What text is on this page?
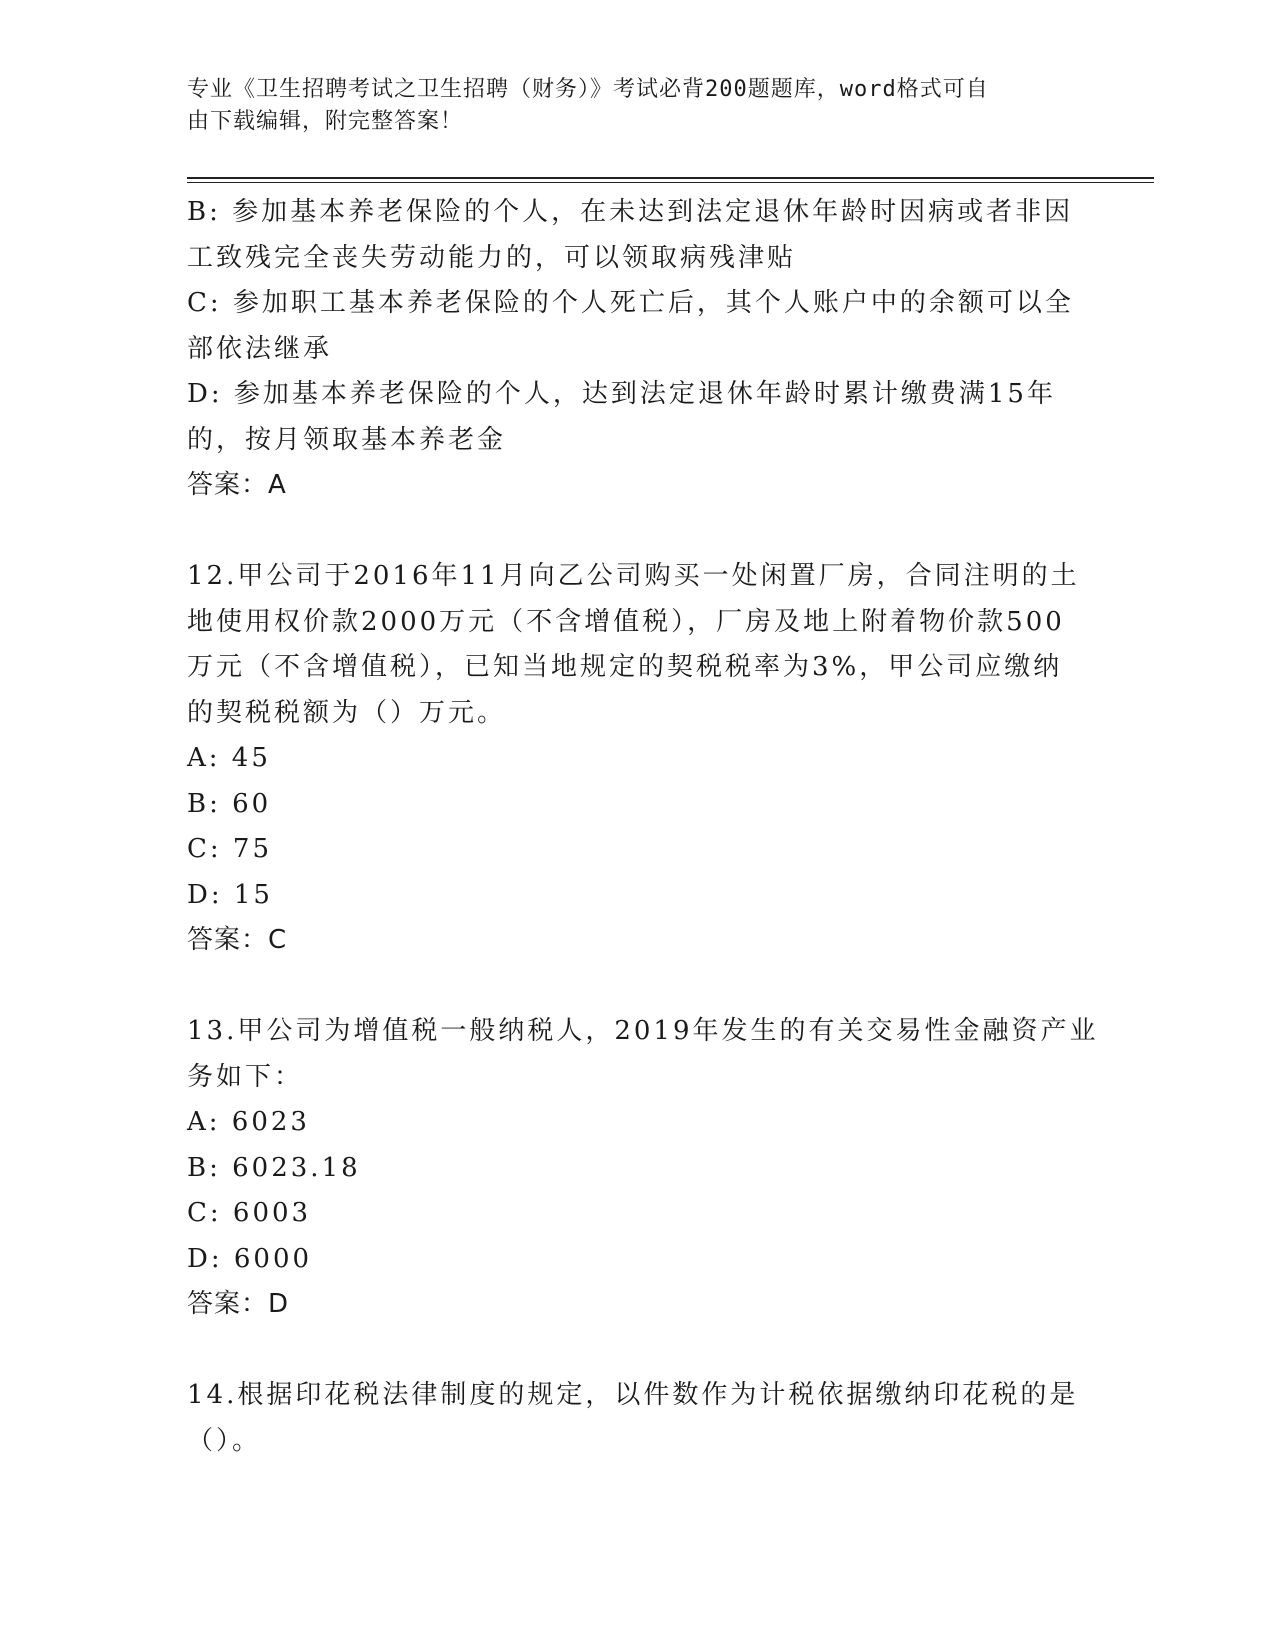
专业《卫生招聘考试之卫生招聘（财务）》考试必背200题题库，word格式可自
由下载编辑，附完整答案！
B: 参加基本养老保险的个人，在未达到法定退休年龄时因病或者非因
工致残完全丧失劳动能力的，可以领取病残津贴
C: 参加职工基本养老保险的个人死亡后，其个人账户中的余额可以全
部依法继承
D: 参加基本养老保险的个人，达到法定退休年龄时累计缴费满15年
的，按月领取基本养老金
答案：A
12.甲公司于2016年11月向乙公司购买一处闲置厂房，合同注明的土
地使用权价款2000万元（不含增值税），厂房及地上附着物价款500
万元（不含增值税），已知当地规定的契税税率为3%，甲公司应缴纳
的契税税额为（）万元。
A: 45
B: 60
C: 75
D: 15
答案：C
13.甲公司为增值税一般纳税人，2019年发生的有关交易性金融资产业
务如下：
A: 6023
B: 6023.18
C: 6003
D: 6000
答案：D
14.根据印花税法律制度的规定，以件数作为计税依据缴纳印花税的是
（）。
